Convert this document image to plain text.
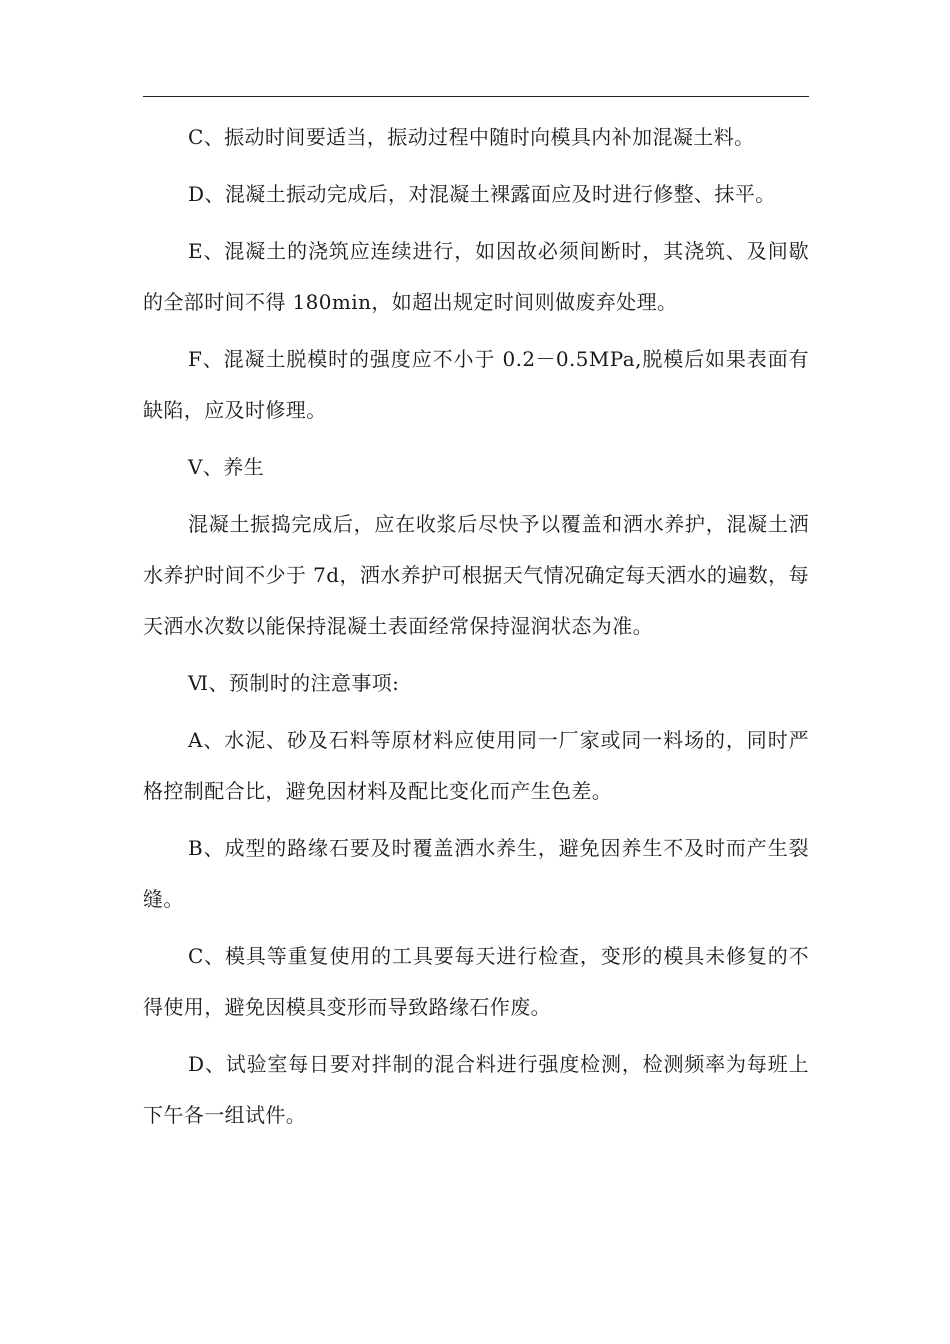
C、振动时间要适当，振动过程中随时向模具内补加混凝土料。

D、混凝土振动完成后，对混凝土裸露面应及时进行修整、抹平。

E、混凝土的浇筑应连续进行，如因故必须间断时，其浇筑、及间歇的全部时间不得 180min，如超出规定时间则做废弃处理。

F、混凝土脱模时的强度应不小于 0.2－0.5MPa,脱模后如果表面有缺陷，应及时修理。

Ⅴ、养生

混凝土振捣完成后，应在收浆后尽快予以覆盖和洒水养护，混凝土洒水养护时间不少于 7d，洒水养护可根据天气情况确定每天洒水的遍数，每天洒水次数以能保持混凝土表面经常保持湿润状态为准。

Ⅵ、预制时的注意事项:

A、水泥、砂及石料等原材料应使用同一厂家或同一料场的，同时严格控制配合比，避免因材料及配比变化而产生色差。

B、成型的路缘石要及时覆盖洒水养生，避免因养生不及时而产生裂缝。

C、模具等重复使用的工具要每天进行检查，变形的模具未修复的不得使用，避免因模具变形而导致路缘石作废。

D、试验室每日要对拌制的混合料进行强度检测，检测频率为每班上下午各一组试件。
